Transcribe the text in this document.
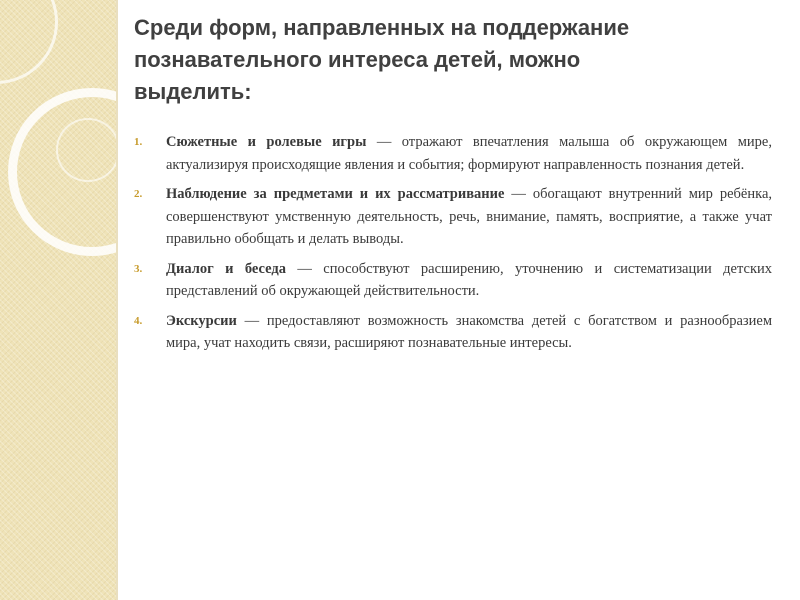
Среди форм, направленных на поддержание познавательного интереса детей, можно выделить:
1.	Сюжетные и ролевые игры — отражают впечатления малыша об окружающем мире, актуализируя происходящие явления и события; формируют направленность познания детей.
2.	Наблюдение за предметами и их рассматривание — обогащают внутренний мир ребёнка, совершенствуют умственную деятельность, речь, внимание, память, восприятие, а также учат правильно обобщать и делать выводы.
3.	Диалог и беседа — способствуют расширению, уточнению и систематизации детских представлений об окружающей действительности.
4.	Экскурсии — предоставляют возможность знакомства детей с богатством и разнообразием мира, учат находить связи, расширяют познавательные интересы.
